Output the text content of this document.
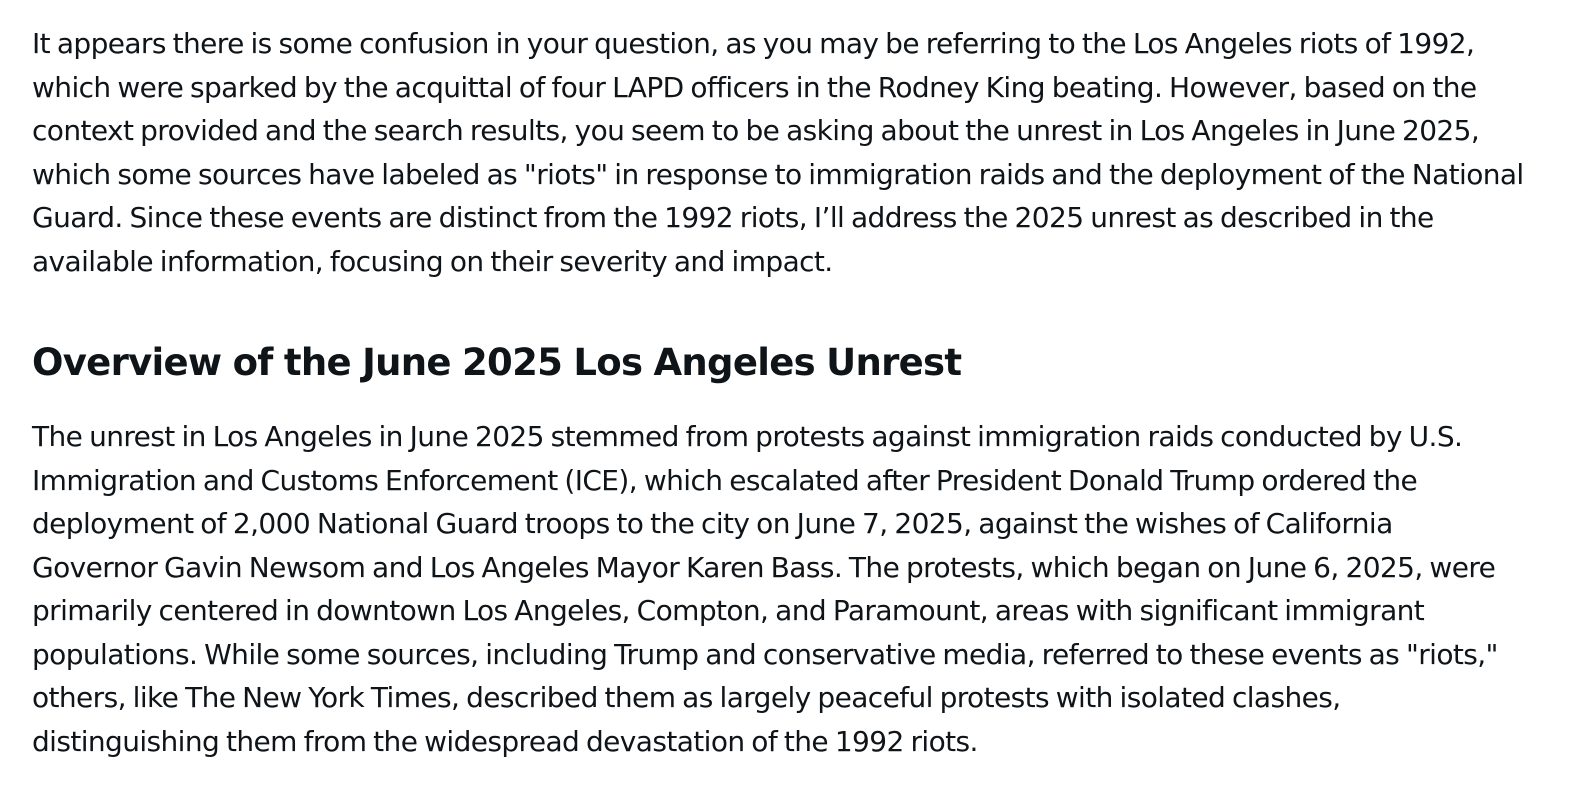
It appears there is some confusion in your question, as you may be referring to the Los Angeles riots of 1992,
which were sparked by the acquittal of four LAPD officers in the Rodney King beating. However, based on the
context provided and the search results, you seem to be asking about the unrest in Los Angeles in June 2025,
which some sources have labeled as "riots" in response to immigration raids and the deployment of the National
Guard. Since these events are distinct from the 1992 riots, I’ll address the 2025 unrest as described in the
available information, focusing on their severity and impact.

Overview of the June 2025 Los Angeles Unrest

The unrest in Los Angeles in June 2025 stemmed from protests against immigration raids conducted by U.S.
Immigration and Customs Enforcement (ICE), which escalated after President Donald Trump ordered the
deployment of 2,000 National Guard troops to the city on June 7, 2025, against the wishes of California
Governor Gavin Newsom and Los Angeles Mayor Karen Bass. The protests, which began on June 6, 2025, were
primarily centered in downtown Los Angeles, Compton, and Paramount, areas with significant immigrant
populations. While some sources, including Trump and conservative media, referred to these events as "riots,"
others, like The New York Times, described them as largely peaceful protests with isolated clashes,
distinguishing them from the widespread devastation of the 1992 riots.
